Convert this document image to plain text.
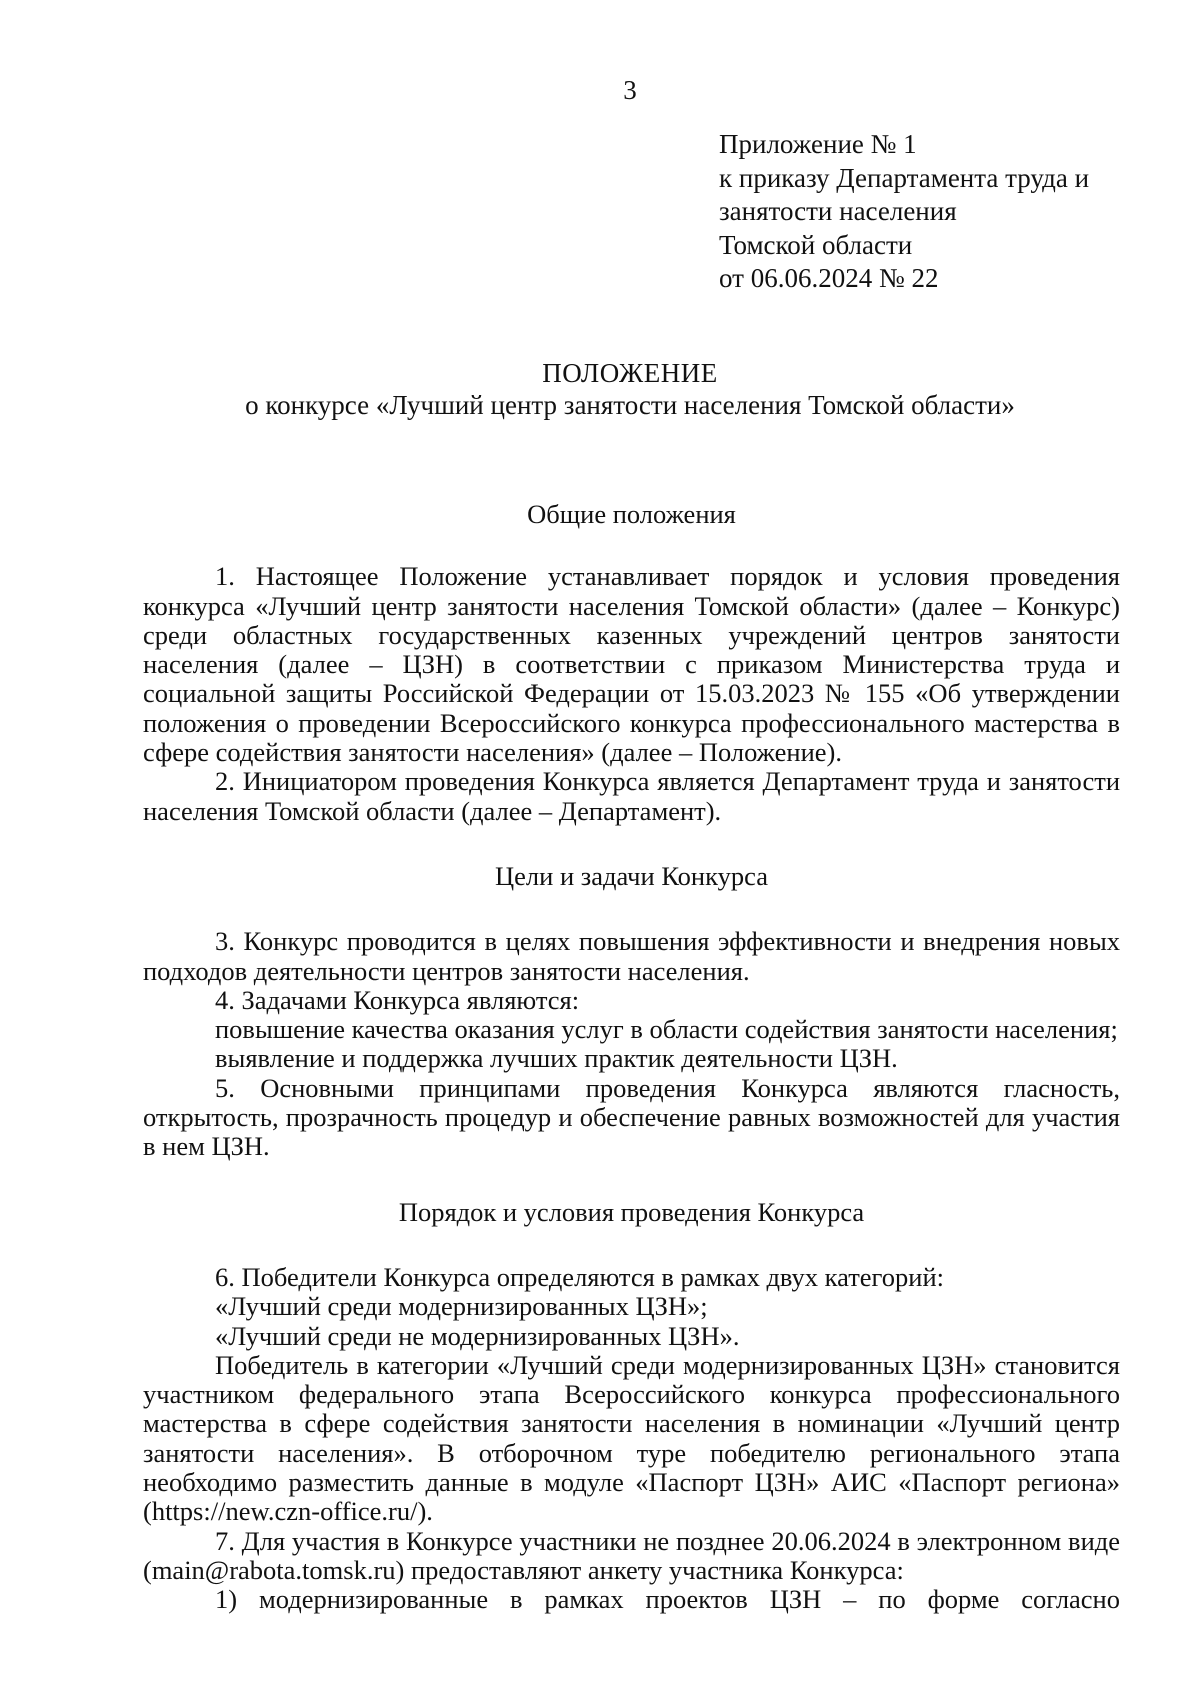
3
Приложение № 1
к приказу Департамента труда и
занятости населения
Томской области
от 06.06.2024 № 22
ПОЛОЖЕНИЕ
о конкурсе «Лучший центр занятости населения Томской области»
Общие положения

1. Настоящее Положение устанавливает порядок и условия проведения конкурса «Лучший центр занятости населения Томской области» (далее – Конкурс) среди областных государственных казенных учреждений центров занятости населения (далее – ЦЗН) в соответствии с приказом Министерства труда и социальной защиты Российской Федерации от 15.03.2023 № 155 «Об утверждении положения о проведении Всероссийского конкурса профессионального мастерства в сфере содействия занятости населения» (далее – Положение).

2. Инициатором проведения Конкурса является Департамент труда и занятости населения Томской области (далее – Департамент).

Цели и задачи Конкурса

3. Конкурс проводится в целях повышения эффективности и внедрения новых подходов деятельности центров занятости населения.

4. Задачами Конкурса являются:

повышение качества оказания услуг в области содействия занятости населения;

выявление и поддержка лучших практик деятельности ЦЗН.

5. Основными принципами проведения Конкурса являются гласность, открытость, прозрачность процедур и обеспечение равных возможностей для участия в нем ЦЗН.

Порядок и условия проведения Конкурса

6. Победители Конкурса определяются в рамках двух категорий:

«Лучший среди модернизированных ЦЗН»;

«Лучший среди не модернизированных ЦЗН».

Победитель в категории «Лучший среди модернизированных ЦЗН» становится участником федерального этапа Всероссийского конкурса профессионального мастерства в сфере содействия занятости населения в номинации «Лучший центр занятости населения». В отборочном туре победителю регионального этапа необходимо разместить данные в модуле «Паспорт ЦЗН» АИС «Паспорт региона» (https://new.czn-office.ru/).

7. Для участия в Конкурсе участники не позднее 20.06.2024 в электронном виде (main@rabota.tomsk.ru) предоставляют анкету участника Конкурса:

1) модернизированные в рамках проектов ЦЗН – по форме согласно
